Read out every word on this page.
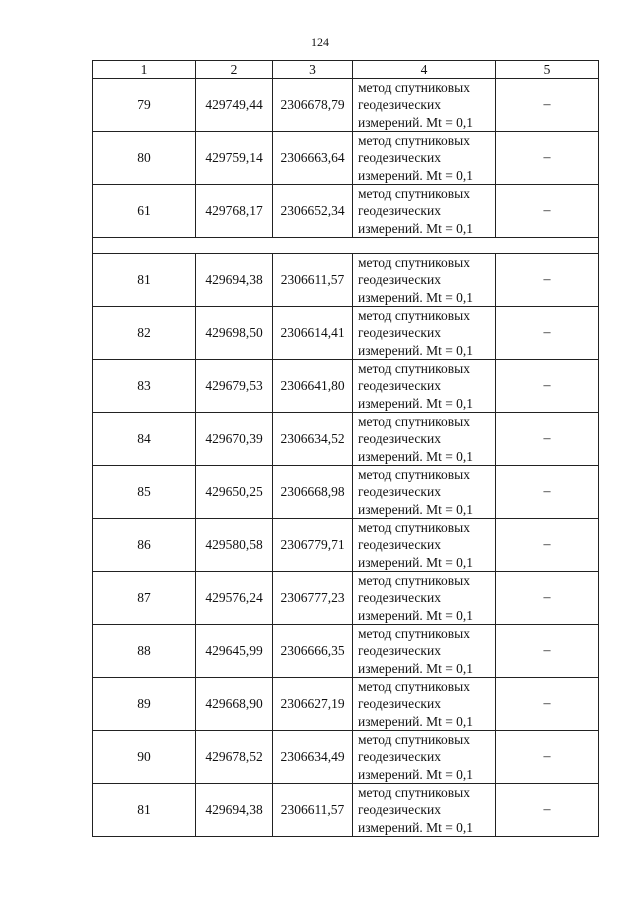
124
1	2	3	4	5
79	429749,44	2306678,79	метод спутниковых
геодезических
измерений. Mt = 0,1	–
80	429759,14	2306663,64	метод спутниковых
геодезических
измерений. Mt = 0,1	–
61	429768,17	2306652,34	метод спутниковых
геодезических
измерений. Mt = 0,1	–

81	429694,38	2306611,57	метод спутниковых
геодезических
измерений. Mt = 0,1	–
82	429698,50	2306614,41	метод спутниковых
геодезических
измерений. Mt = 0,1	–
83	429679,53	2306641,80	метод спутниковых
геодезических
измерений. Mt = 0,1	–
84	429670,39	2306634,52	метод спутниковых
геодезических
измерений. Mt = 0,1	–
85	429650,25	2306668,98	метод спутниковых
геодезических
измерений. Mt = 0,1	–
86	429580,58	2306779,71	метод спутниковых
геодезических
измерений. Mt = 0,1	–
87	429576,24	2306777,23	метод спутниковых
геодезических
измерений. Mt = 0,1	–
88	429645,99	2306666,35	метод спутниковых
геодезических
измерений. Mt = 0,1	–
89	429668,90	2306627,19	метод спутниковых
геодезических
измерений. Mt = 0,1	–
90	429678,52	2306634,49	метод спутниковых
геодезических
измерений. Mt = 0,1	–
81	429694,38	2306611,57	метод спутниковых
геодезических
измерений. Mt = 0,1	–
